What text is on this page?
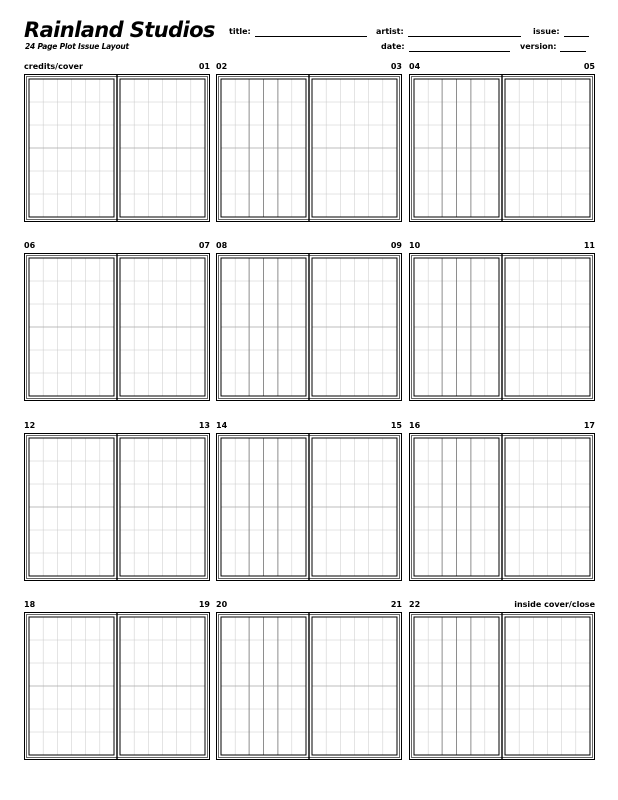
Rainland Studios
24 Page Plot Issue Layout
title:	artist:	issue:
date:	version:
credits/cover	01 02	03 04	05
06	07 08	09 10	11
12	13 14	15 16	17
18	19 20	21 22	inside cover/close
